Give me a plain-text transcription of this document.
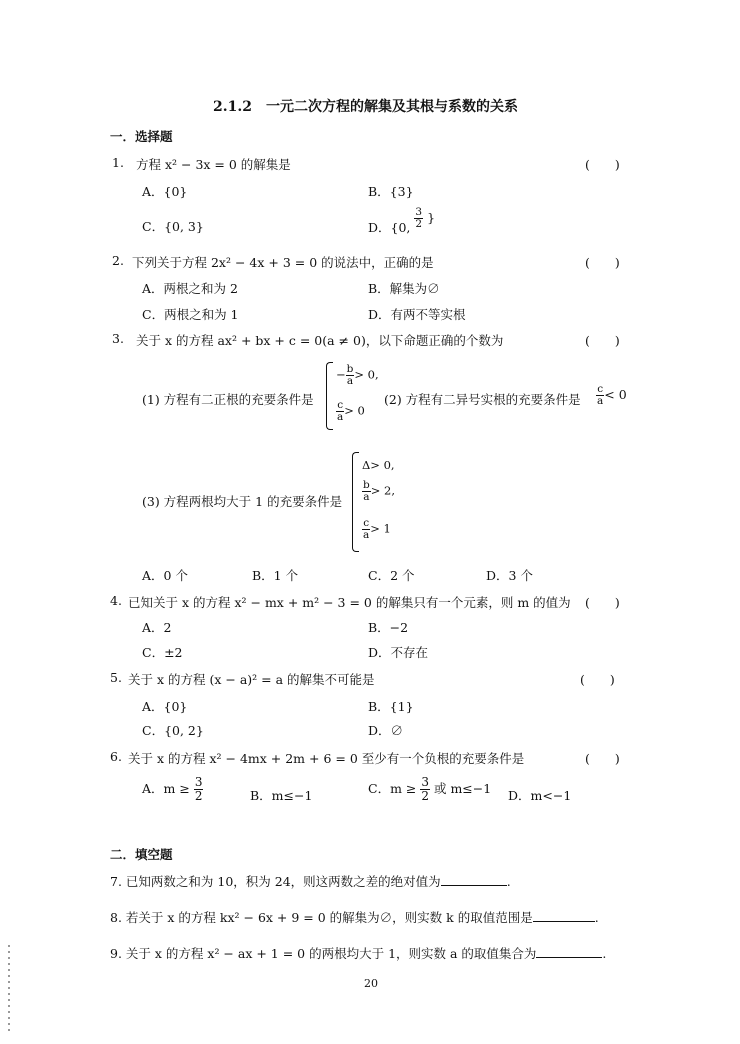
2.1.2　一元二次方程的解集及其根与系数的关系
一．选择题
1. 方程 x² − 3x = 0 的解集是	(　　)
A．{0}	B．{3}
C．{0, 3}	D．{0, $\frac{3}{2}$ }
2. 下列关于方程 2x² − 4x + 3 = 0 的说法中，正确的是	(　　)
A．两根之和为 2	B．解集为∅
C．两根之和为 1	D．有两不等实根
3. 关于 x 的方程 ax² + bx + c = 0(a ≠ 0)，以下命题正确的个数为	(　　)
(1) 方程有二正根的充要条件是
− $\frac{b}{a} > 0$,
$\frac{c}{a} > 0$
(2) 方程有二异号实根的充要条件是 $\frac{c}{a} < 0$
(3) 方程两根均大于 1 的充要条件是
Δ> 0,
$\frac{b}{a} > 2$,
$\frac{c}{a} > 1$
A．0 个	B．1 个	C．2 个	D．3 个
4. 已知关于 x 的方程 x² − mx + m² − 3 = 0 的解集只有一个元素，则 m 的值为 (　　)
A．2	B．−2
C．±2	D．不存在
5. 关于 x 的方程 (x − a)² = a 的解集不可能是	(　　)
A．{0}	B．{1}
C．{0, 2}	D．∅
6. 关于 x 的方程 x² − 4mx + 2m + 6 = 0 至少有一个负根的充要条件是	(　　)
A．$m \ge \frac{3}{2}$	B．m≤−1	C．$m \ge \frac{3}{2}$ 或 m≤−1 D．m<−1
二．填空题
7. 已知两数之和为 10，积为 24，则这两数之差的绝对值为	.
8. 若关于 x 的方程 kx² − 6x + 9 = 0 的解集为∅，则实数 k 的取值范围是	.
9. 关于 x 的方程 x² − ax + 1 = 0 的两根均大于 1，则实数 a 的取值集合为	.
20
